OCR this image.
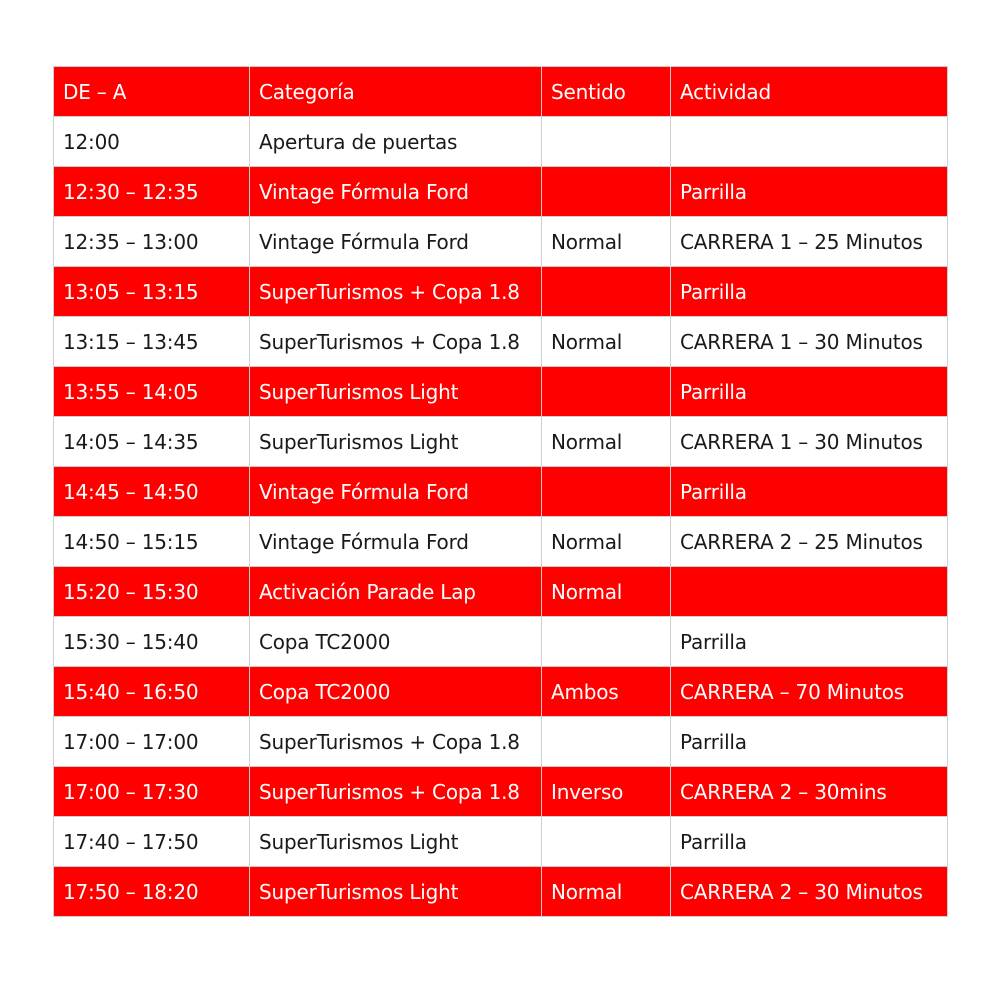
DE – A	Categoría	Sentido	Actividad
12:00	Apertura de puertas		
12:30 – 12:35	Vintage Fórmula Ford		Parrilla
12:35 – 13:00	Vintage Fórmula Ford	Normal	CARRERA 1 – 25 Minutos
13:05 – 13:15	SuperTurismos + Copa 1.8		Parrilla
13:15 – 13:45	SuperTurismos + Copa 1.8	Normal	CARRERA 1 – 30 Minutos
13:55 – 14:05	SuperTurismos Light		Parrilla
14:05 – 14:35	SuperTurismos Light	Normal	CARRERA 1 – 30 Minutos
14:45 – 14:50	Vintage Fórmula Ford		Parrilla
14:50 – 15:15	Vintage Fórmula Ford	Normal	CARRERA 2 – 25 Minutos
15:20 – 15:30	Activación Parade Lap	Normal	
15:30 – 15:40	Copa TC2000		Parrilla
15:40 – 16:50	Copa TC2000	Ambos	CARRERA – 70 Minutos
17:00 – 17:00	SuperTurismos + Copa 1.8		Parrilla
17:00 – 17:30	SuperTurismos + Copa 1.8	Inverso	CARRERA 2 – 30mins
17:40 – 17:50	SuperTurismos Light		Parrilla
17:50 – 18:20	SuperTurismos Light	Normal	CARRERA 2 – 30 Minutos
